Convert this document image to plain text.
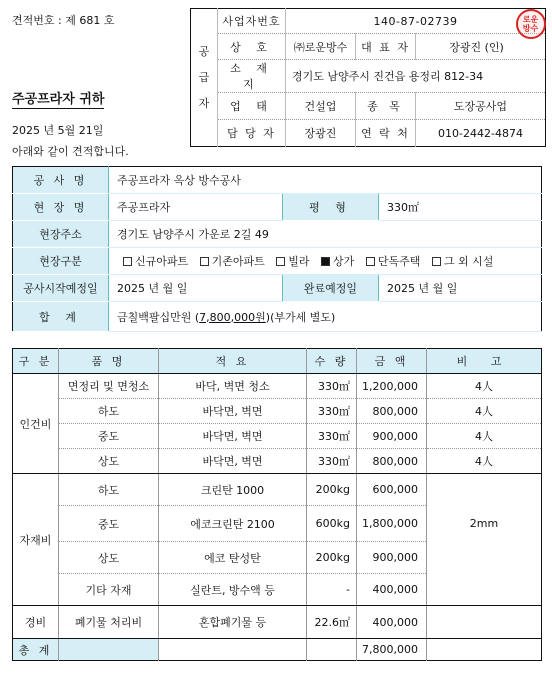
견적번호 : 제 681 호
주공프라자 귀하
2025 년 5월 21일
아래와 같이 견적합니다.
공
급
자	사업자번호	140-87-02739		
	상 호	㈜로운방수	대 표 자	장광진 (인)
로운
방수

	소 재 지	경기도 남양주시 진건읍 용정리 812-34		
	업 태	건설업	종 목	도장공사업
	담 당 자	장광진	연 락 처	010-2442-4874
공 사 명	주공프라자 옥상 방수공사		
현 장 명	주공프라자	평 형	330㎡
현장주소	경기도 남양주시 가운로 2길 49		
현장구분	신규아파트 기존아파트 빌라 상가 단독주택 그 외 시설		
공사시작예정일	2025 년 월 일	완료예정일	2025 년 월 일
합 계	금칠백팔십만원 (7,800,000원)(부가세 별도)		
구 분	품 명	적 요	수 량	금 액	비 고
인건비	면정리 및 면청소	바닥, 벽면 청소	330㎡	1,200,000	4人
	하도	바닥면, 벽면	330㎡	800,000	4人
	중도	바닥면, 벽면	330㎡	900,000	4人
	상도	바닥면, 벽면	330㎡	800,000	4人
자재비	하도	크린탄 1000	200kg	600,000	
	중도	에코크린탄 2100	600kg	1,800,000	2mm
	상도	에코 탄성탄	200kg	900,000	
	기타 자재	실란트, 방수액 등	-	400,000	
경비	폐기물 처리비	혼합폐기물 등	22.6㎡	400,000	
총 계				7,800,000	
